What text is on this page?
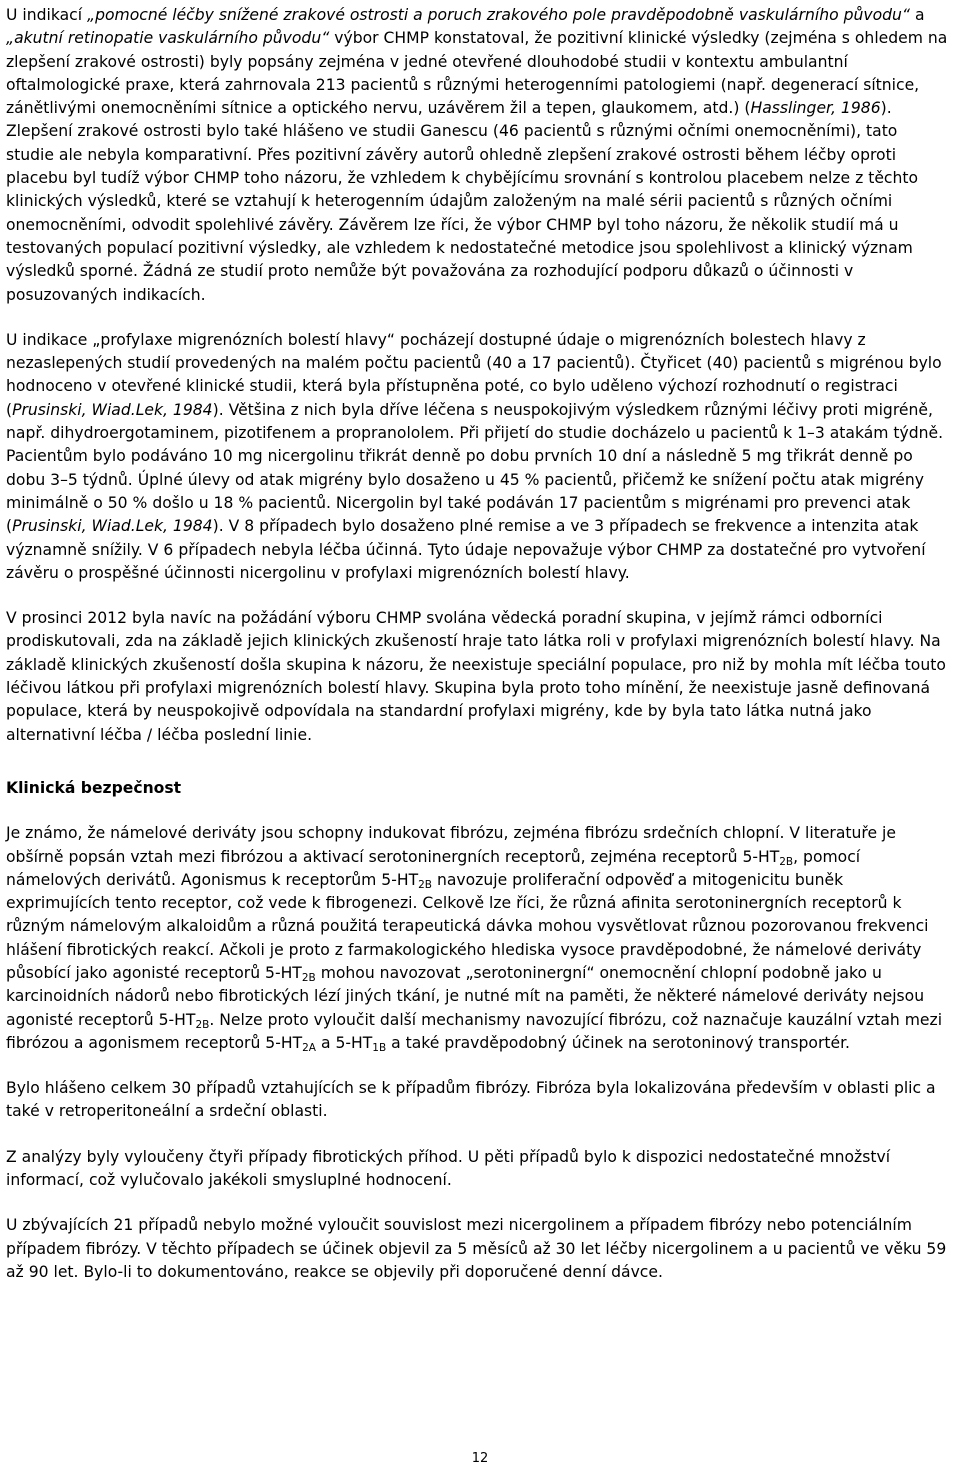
U indikací „pomocné léčby snížené zrakové ostrosti a poruch zrakového pole pravděpodobně vaskulárního původu“ a „akutní retinopatie vaskulárního původu“ výbor CHMP konstatoval, že pozitivní klinické výsledky (zejména s ohledem na zlepšení zrakové ostrosti) byly popsány zejména v jedné otevřené dlouhodobé studii v kontextu ambulantní oftalmologické praxe, která zahrnovala 213 pacientů s různými heterogenními patologiemi (např. degenerací sítnice, zánětlivými onemocněními sítnice a optického nervu, uzávěrem žil a tepen, glaukomem, atd.) (Hasslinger, 1986). Zlepšení zrakové ostrosti bylo také hlášeno ve studii Ganescu (46 pacientů s různými očními onemocněními), tato studie ale nebyla komparativní. Přes pozitivní závěry autorů ohledně zlepšení zrakové ostrosti během léčby oproti placebu byl tudíž výbor CHMP toho názoru, že vzhledem k chybějícímu srovnání s kontrolou placebem nelze z těchto klinických výsledků, které se vztahují k heterogenním údajům založeným na malé sérii pacientů s různých očními onemocněními, odvodit spolehlivé závěry. Závěrem lze říci, že výbor CHMP byl toho názoru, že několik studií má u testovaných populací pozitivní výsledky, ale vzhledem k nedostatečné metodice jsou spolehlivost a klinický význam výsledků sporné. Žádná ze studií proto nemůže být považována za rozhodující podporu důkazů o účinnosti v posuzovaných indikacích.

U indikace „profylaxe migrenózních bolestí hlavy“ pocházejí dostupné údaje o migrenózních bolestech hlavy z nezaslepených studií provedených na malém počtu pacientů (40 a 17 pacientů). Čtyřicet (40) pacientů s migrénou bylo hodnoceno v otevřené klinické studii, která byla přístupněna poté, co bylo uděleno výchozí rozhodnutí o registraci (Prusinski, Wiad.Lek, 1984). Většina z nich byla dříve léčena s neuspokojivým výsledkem různými léčivy proti migréně, např. dihydroergotaminem, pizotifenem a propranololem. Při přijetí do studie docházelo u pacientů k 1–3 atakám týdně. Pacientům bylo podáváno 10 mg nicergolinu třikrát denně po dobu prvních 10 dní a následně 5 mg třikrát denně po dobu 3–5 týdnů. Úplné úlevy od atak migrény bylo dosaženo u 45 % pacientů, přičemž ke snížení počtu atak migrény minimálně o 50 % došlo u 18 % pacientů. Nicergolin byl také podáván 17 pacientům s migrénami pro prevenci atak (Prusinski, Wiad.Lek, 1984). V 8 případech bylo dosaženo plné remise a ve 3 případech se frekvence a intenzita atak významně snížily. V 6 případech nebyla léčba účinná. Tyto údaje nepovažuje výbor CHMP za dostatečné pro vytvoření závěru o prospěšné účinnosti nicergolinu v profylaxi migrenózních bolestí hlavy.

V prosinci 2012 byla navíc na požádání výboru CHMP svolána vědecká poradní skupina, v jejímž rámci odborníci prodiskutovali, zda na základě jejich klinických zkušeností hraje tato látka roli v profylaxi migrenózních bolestí hlavy. Na základě klinických zkušeností došla skupina k názoru, že neexistuje speciální populace, pro niž by mohla mít léčba touto léčivou látkou při profylaxi migrenózních bolestí hlavy. Skupina byla proto toho mínění, že neexistuje jasně definovaná populace, která by neuspokojivě odpovídala na standardní profylaxi migrény, kde by byla tato látka nutná jako alternativní léčba / léčba poslední linie.

Klinická bezpečnost

Je známo, že námelové deriváty jsou schopny indukovat fibrózu, zejména fibrózu srdečních chlopní. V literatuře je obšírně popsán vztah mezi fibrózou a aktivací serotoninergních receptorů, zejména receptorů $5-HT_{2B}$, pomocí námelových derivátů. Agonismus k receptorům $5-HT_{2B}$ navozuje proliferační odpověď a mitogenicitu buněk exprimujících tento receptor, což vede k fibrogenezi. Celkově lze říci, že různá afinita serotoninergních receptorů k různým námelovým alkaloidům a různá použitá terapeutická dávka mohou vysvětlovat různou pozorovanou frekvenci hlášení fibrotických reakcí. Ačkoli je proto z farmakologického hlediska vysoce pravděpodobné, že námelové deriváty působící jako agonisté receptorů $5-HT_{2B}$ mohou navozovat „serotoninergní“ onemocnění chlopní podobně jako u karcinoidních nádorů nebo fibrotických lézí jiných tkání, je nutné mít na paměti, že některé námelové deriváty nejsou agonisté receptorů $5-HT_{2B}$. Nelze proto vyloučit další mechanismy navozující fibrózu, což naznačuje kauzální vztah mezi fibrózou a agonismem receptorů $5-HT_{2A}$ a $5-HT_{1B}$ a také pravděpodobný účinek na serotoninový transportér.

Bylo hlášeno celkem 30 případů vztahujících se k případům fibrózy. Fibróza byla lokalizována především v oblasti plic a také v retroperitoneální a srdeční oblasti.

Z analýzy byly vyloučeny čtyři případy fibrotických příhod. U pěti případů bylo k dispozici nedostatečné množství informací, což vylučovalo jakékoli smysluplné hodnocení.

U zbývajících 21 případů nebylo možné vyloučit souvislost mezi nicergolinem a případem fibrózy nebo potenciálním případem fibrózy. V těchto případech se účinek objevil za 5 měsíců až 30 let léčby nicergolinem a u pacientů ve věku 59 až 90 let. Bylo-li to dokumentováno, reakce se objevily při doporučené denní dávce.

12
